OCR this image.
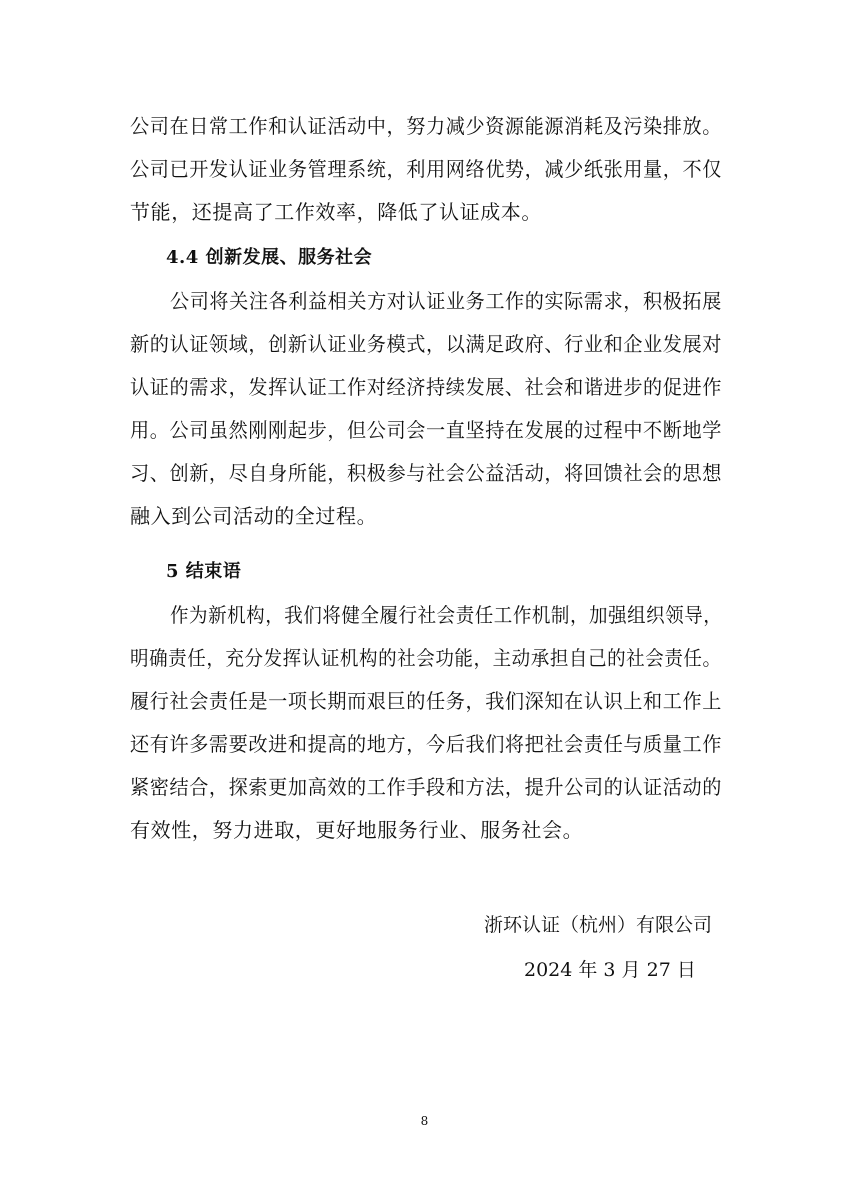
公司在日常工作和认证活动中，努力减少资源能源消耗及污染排放。
公司已开发认证业务管理系统，利用网络优势，减少纸张用量，不仅
节能，还提高了工作效率，降低了认证成本。
4.4 创新发展、服务社会
公司将关注各利益相关方对认证业务工作的实际需求，积极拓展
新的认证领域，创新认证业务模式，以满足政府、行业和企业发展对
认证的需求，发挥认证工作对经济持续发展、社会和谐进步的促进作
用。公司虽然刚刚起步，但公司会一直坚持在发展的过程中不断地学
习、创新，尽自身所能，积极参与社会公益活动，将回馈社会的思想
融入到公司活动的全过程。
5 结束语
作为新机构，我们将健全履行社会责任工作机制，加强组织领导，
明确责任，充分发挥认证机构的社会功能，主动承担自己的社会责任。
履行社会责任是一项长期而艰巨的任务，我们深知在认识上和工作上
还有许多需要改进和提高的地方，今后我们将把社会责任与质量工作
紧密结合，探索更加高效的工作手段和方法，提升公司的认证活动的
有效性，努力进取，更好地服务行业、服务社会。
浙环认证（杭州）有限公司
2024 年 3 月 27 日
8
